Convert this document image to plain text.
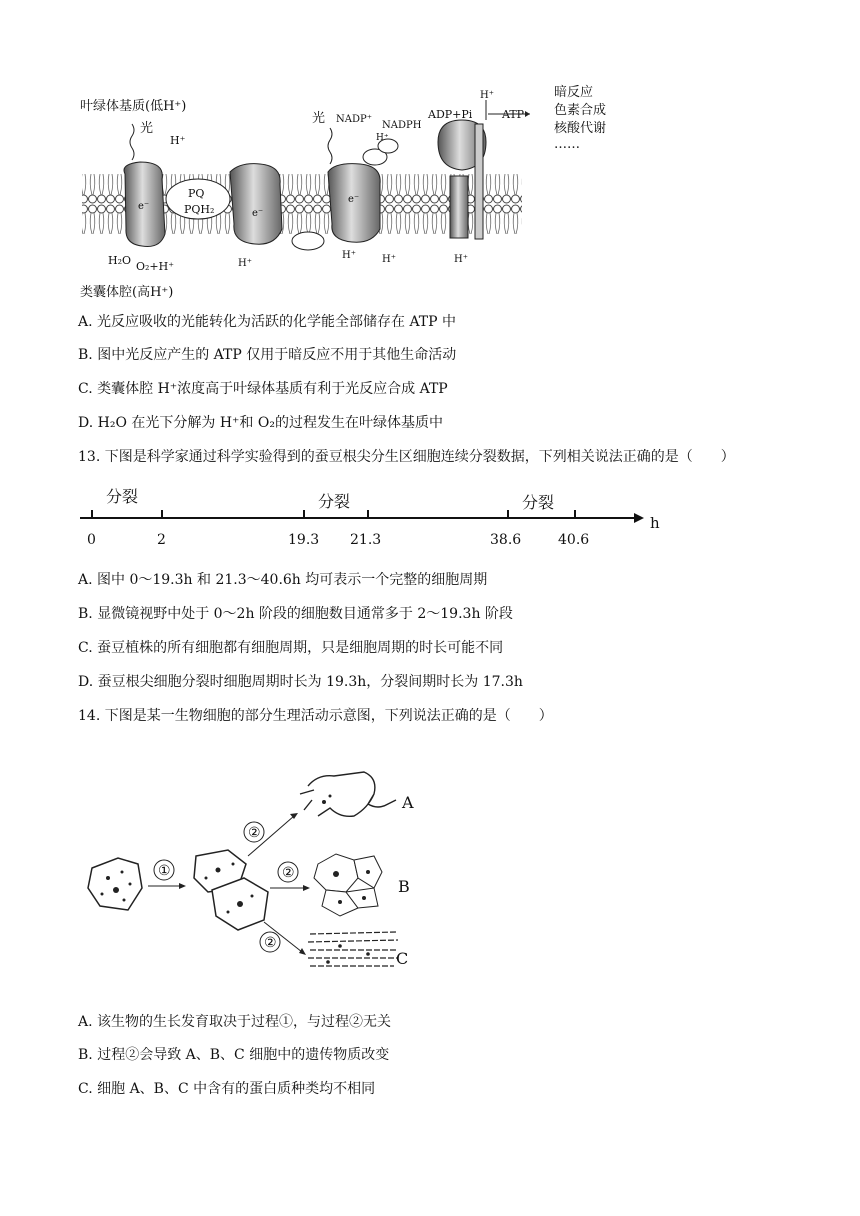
叶绿体基质(低H⁺)
类囊体腔(高H⁺)
光
H⁺
e⁻
PQ
PQH₂	e⁻
光
e⁻
NADP⁺
NADPH
H⁺
ADP+Pi	ATP
H⁺	暗反应
色素合成
核酸代谢
……
H₂O O₂+H⁺	H⁺
H⁺	H⁺	H⁺
A. 光反应吸收的光能转化为活跃的化学能全部储存在 ATP 中
B. 图中光反应产生的 ATP 仅用于暗反应不用于其他生命活动
C. 类囊体腔 H⁺浓度高于叶绿体基质有利于光反应合成 ATP
D. H₂O 在光下分解为 H⁺和 O₂的过程发生在叶绿体基质中
13. 下图是科学家通过科学实验得到的蚕豆根尖分生区细胞连续分裂数据，下列相关说法正确的是（　　）
分裂	分裂	分裂
h
0	2	19.3 21.3	38.6	40.6
A. 图中 0～19.3h 和 21.3～40.6h 均可表示一个完整的细胞周期
B. 显微镜视野中处于 0～2h 阶段的细胞数目通常多于 2～19.3h 阶段
C. 蚕豆植株的所有细胞都有细胞周期，只是细胞周期的时长可能不同
D. 蚕豆根尖细胞分裂时细胞周期时长为 19.3h，分裂间期时长为 17.3h
14. 下图是某一生物细胞的部分生理活动示意图，下列说法正确的是（　　）
①
②
②
②
A
B
C
A. 该生物的生长发育取决于过程①，与过程②无关
B. 过程②会导致 A、B、C 细胞中的遗传物质改变
C. 细胞 A、B、C 中含有的蛋白质种类均不相同
